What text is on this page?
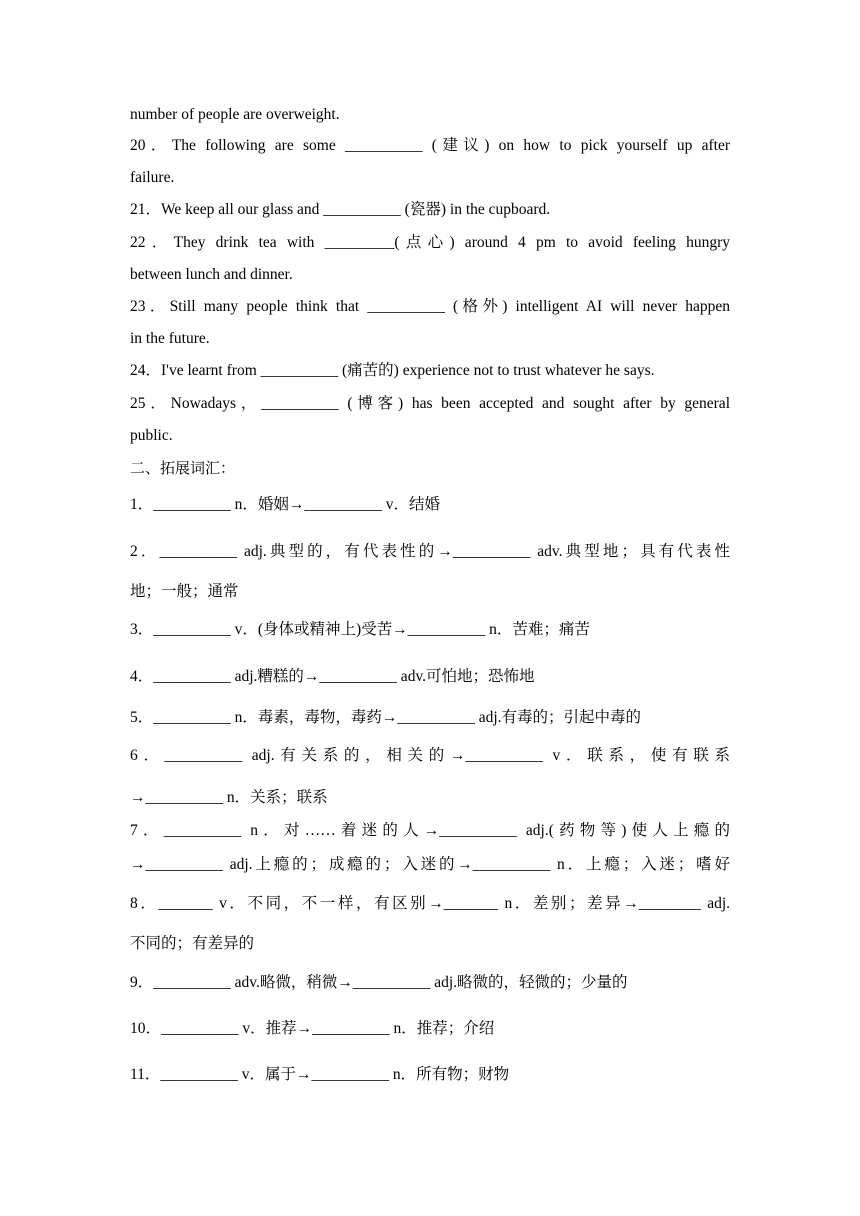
number of people are overweight.
20．The following are some __________ (建议) on how to pick yourself up after
failure.
21．We keep all our glass and __________ (瓷器) in the cupboard.
22．They drink tea with _________(点心) around 4 pm to avoid feeling hungry
between lunch and dinner.
23．Still many people think that __________ (格外) intelligent AI will never happen
in the future.
24．I've learnt from __________ (痛苦的) experience not to trust whatever he says.
25．Nowadays，__________ (博客) has been accepted and sought after by general
public.
二、拓展词汇：
1．__________ n．婚姻→__________ v．结婚
2．__________ adj.典型的，有代表性的→__________ adv.典型地；具有代表性
地；一般；通常
3．__________ v．(身体或精神上)受苦→__________ n．苦难；痛苦
4．__________ adj.糟糕的→__________ adv.可怕地；恐怖地
5．__________ n．毒素，毒物，毒药→__________ adj.有毒的；引起中毒的
6．__________ adj.有关系的，相关的→__________ v．联系，使有联系
→__________ n．关系；联系
7．__________ n．对……着迷的人→__________ adj.(药物等)使人上瘾的
→__________ adj.上瘾的；成瘾的；入迷的→__________ n．上瘾；入迷；嗜好
8．_______ v．不同，不一样，有区别→_______ n．差别；差异→________ adj.
不同的；有差异的
9．__________ adv.略微，稍微→__________ adj.略微的，轻微的；少量的
10．__________ v．推荐→__________ n．推荐；介绍
11．__________ v．属于→__________ n．所有物；财物
